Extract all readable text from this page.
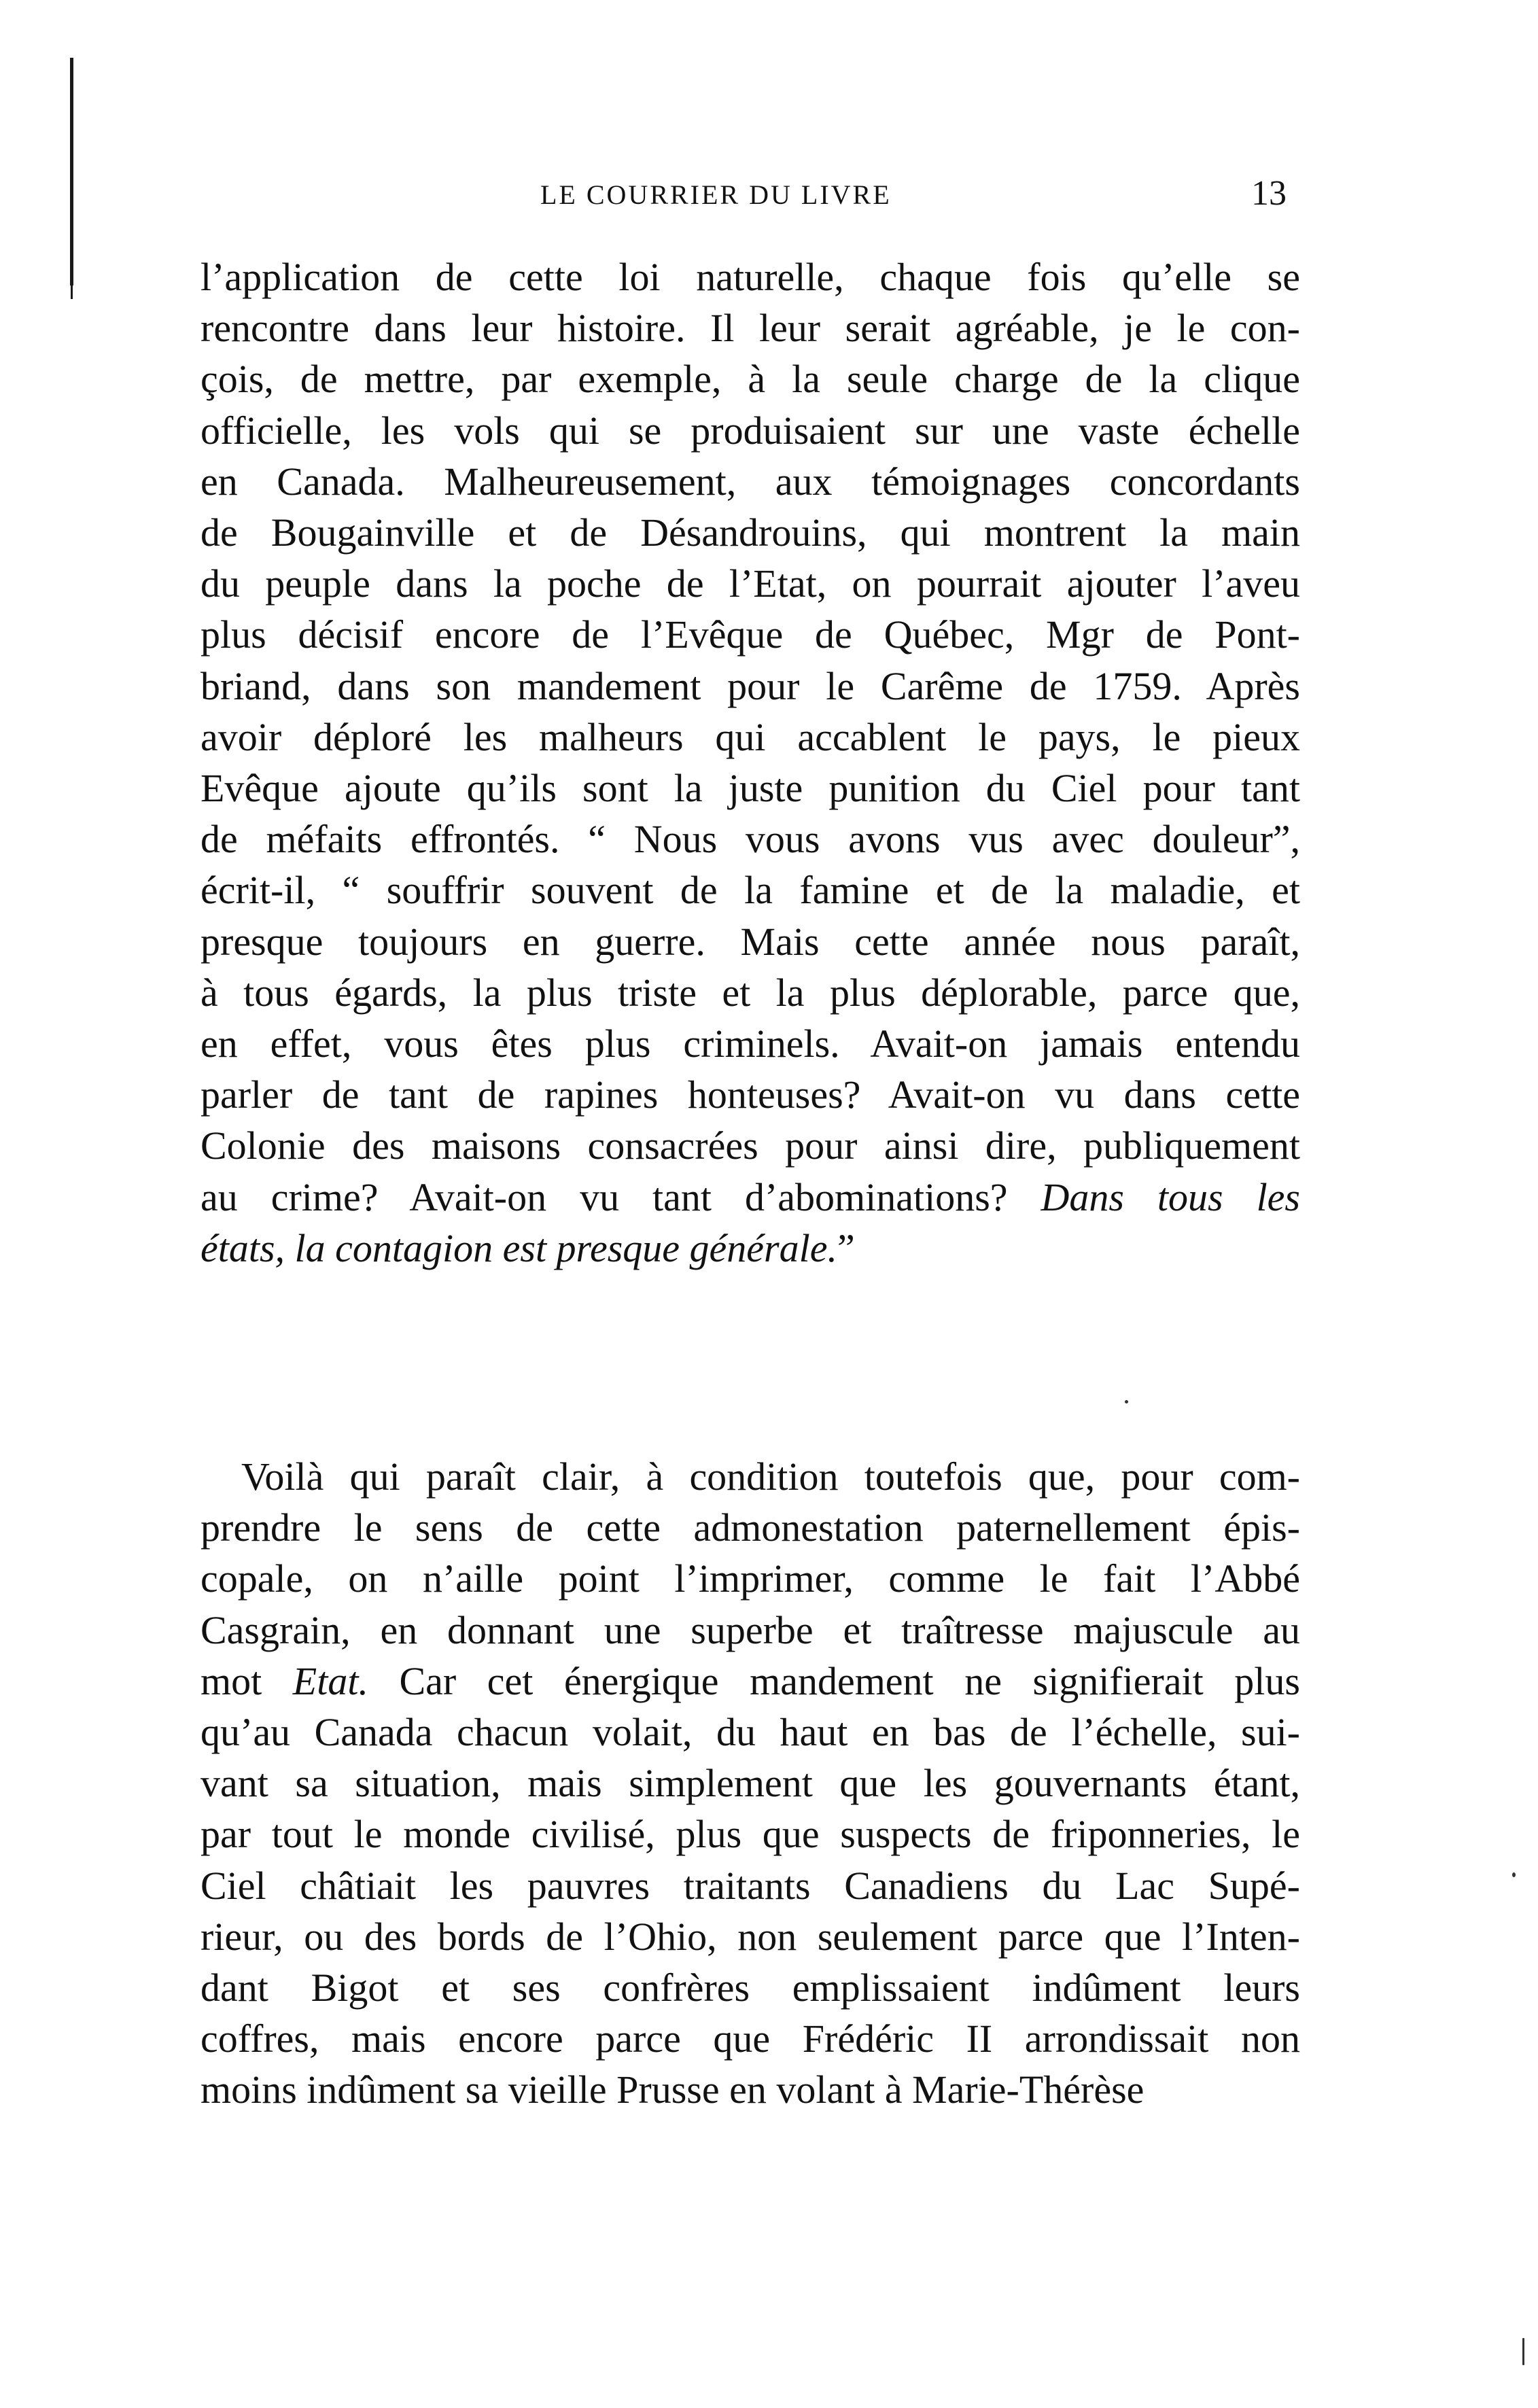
LE COURRIER DU LIVRE	13
l’application de cette loi naturelle, chaque fois qu’elle se
rencontre dans leur histoire. Il leur serait agréable, je le con-
çois, de mettre, par exemple, à la seule charge de la clique
officielle, les vols qui se produisaient sur une vaste échelle
en Canada. Malheureusement, aux témoignages concordants
de Bougainville et de Désandrouins, qui montrent la main
du peuple dans la poche de l’Etat, on pourrait ajouter l’aveu
plus décisif encore de l’Evêque de Québec, Mgr de Pont-
briand, dans son mandement pour le Carême de 1759. Après
avoir déploré les malheurs qui accablent le pays, le pieux
Evêque ajoute qu’ils sont la juste punition du Ciel pour tant
de méfaits effrontés. “ Nous vous avons vus avec douleur”,
écrit-il, “ souffrir souvent de la famine et de la maladie, et
presque toujours en guerre. Mais cette année nous paraît,
à tous égards, la plus triste et la plus déplorable, parce que,
en effet, vous êtes plus criminels. Avait-on jamais entendu
parler de tant de rapines honteuses? Avait-on vu dans cette
Colonie des maisons consacrées pour ainsi dire, publiquement
au crime? Avait-on vu tant d’abominations? Dans tous les
états, la contagion est presque générale.”
Voilà qui paraît clair, à condition toutefois que, pour com-
prendre le sens de cette admonestation paternellement épis-
copale, on n’aille point l’imprimer, comme le fait l’Abbé
Casgrain, en donnant une superbe et traîtresse majuscule au
mot Etat. Car cet énergique mandement ne signifierait plus
qu’au Canada chacun volait, du haut en bas de l’échelle, sui-
vant sa situation, mais simplement que les gouvernants étant,
par tout le monde civilisé, plus que suspects de friponneries, le
Ciel châtiait les pauvres traitants Canadiens du Lac Supé-
rieur, ou des bords de l’Ohio, non seulement parce que l’Inten-
dant Bigot et ses confrères emplissaient indûment leurs
coffres, mais encore parce que Frédéric II arrondissait non
moins indûment sa vieille Prusse en volant à Marie-Thérèse
